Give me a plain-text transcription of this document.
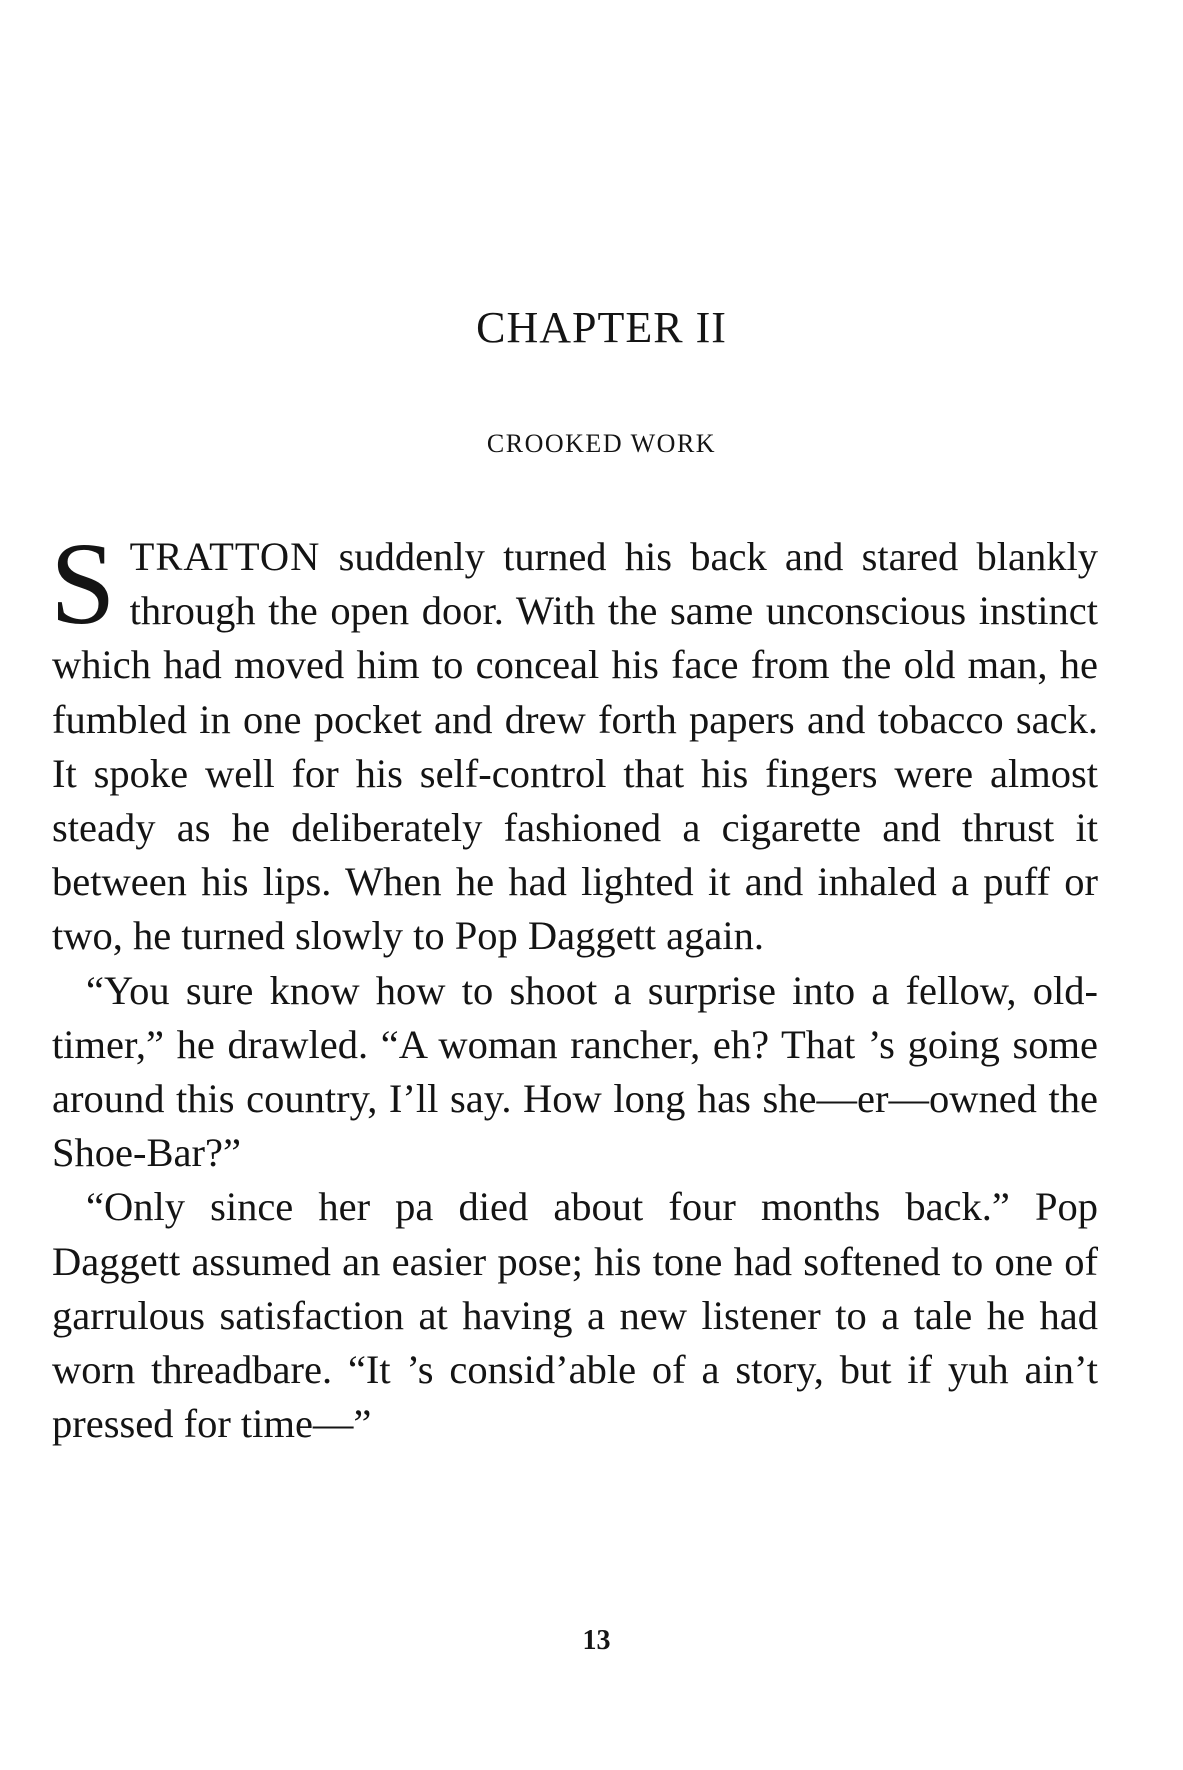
CHAPTER II
CROOKED WORK

STRATTON suddenly turned his back and stared blankly through the open door. With the same unconscious instinct which had moved him to conceal his face from the old man, he fumbled in one pocket and drew forth papers and tobacco sack. It spoke well for his self-control that his fingers were almost steady as he deliberately fashioned a cigarette and thrust it between his lips. When he had lighted it and inhaled a puff or two, he turned slowly to Pop Daggett again.

“You sure know how to shoot a surprise into a fellow, old-timer,” he drawled. “A woman rancher, eh? That ’s going some around this country, I’ll say. How long has she—er—owned the Shoe-Bar?”

“Only since her pa died about four months back.” Pop Daggett assumed an easier pose; his tone had softened to one of garrulous satisfaction at having a new listener to a tale he had worn threadbare. “It ’s consid’able of a story, but if yuh ain’t pressed for time—”

13
